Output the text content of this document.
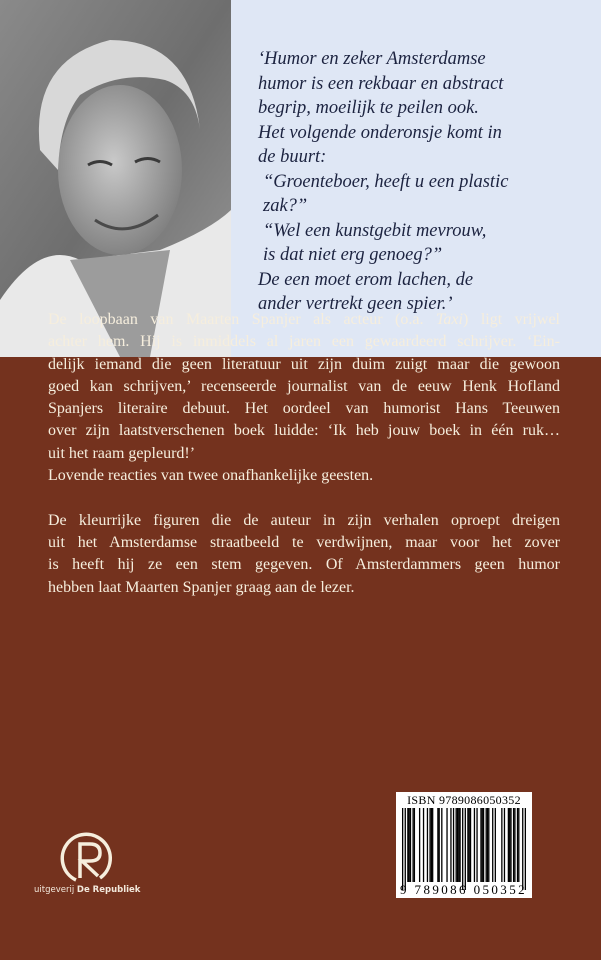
‘Humor en zeker Amsterdamse
humor is een rekbaar en abstract
begrip, moeilijk te peilen ook.
Het volgende onderonsje komt in
de buurt:
“Groenteboer, heeft u een plastic
zak?”
“Wel een kunstgebit mevrouw,
is dat niet erg genoeg?”
De een moet erom lachen, de
ander vertrekt geen spier.’
De loopbaan van Maarten Spanjer als acteur (o.a. Taxi) ligt vrijwel
achter hem. Hij is inmiddels al jaren een gewaardeerd schrijver. ‘Ein-
delijk iemand die geen literatuur uit zijn duim zuigt maar die gewoon
goed kan schrijven,’ recenseerde journalist van de eeuw Henk Hofland
Spanjers literaire debuut. Het oordeel van humorist Hans Teeuwen
over zijn laatstverschenen boek luidde: ‘Ik heb jouw boek in één ruk…
uit het raam gepleurd!’
Lovende reacties van twee onafhankelijke geesten.
De kleurrijke figuren die de auteur in zijn verhalen oproept dreigen
uit het Amsterdamse straatbeeld te verdwijnen, maar voor het zover
is heeft hij ze een stem gegeven. Of Amsterdammers geen humor
hebben laat Maarten Spanjer graag aan de lezer.
uitgeverij De Republiek
ISBN 9789086050352
9 789086 050352
